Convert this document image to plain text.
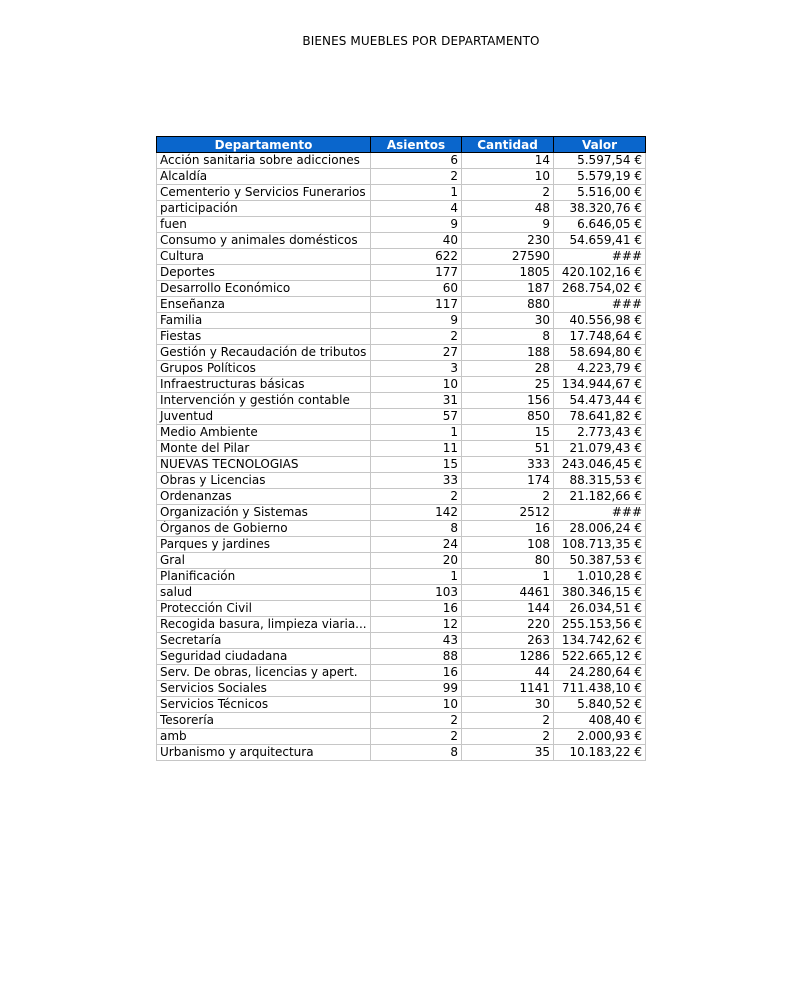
BIENES MUEBLES POR DEPARTAMENTO
Departamento	Asientos	Cantidad	Valor
Acción sanitaria sobre adicciones	6	14	5.597,54 €
Alcaldía	2	10	5.579,19 €
Cementerio y Servicios Funerarios	1	2	5.516,00 €
participación	4	48	38.320,76 €
fuen	9	9	6.646,05 €
Consumo y animales domésticos	40	230	54.659,41 €
Cultura	622	27590	###
Deportes	177	1805	420.102,16 €
Desarrollo Económico	60	187	268.754,02 €
Enseñanza	117	880	###
Familia	9	30	40.556,98 €
Fiestas	2	8	17.748,64 €
Gestión y Recaudación de tributos	27	188	58.694,80 €
Grupos Políticos	3	28	4.223,79 €
Infraestructuras básicas	10	25	134.944,67 €
Intervención y gestión contable	31	156	54.473,44 €
Juventud	57	850	78.641,82 €
Medio Ambiente	1	15	2.773,43 €
Monte del Pilar	11	51	21.079,43 €
NUEVAS TECNOLOGIAS	15	333	243.046,45 €
Obras y Licencias	33	174	88.315,53 €
Ordenanzas	2	2	21.182,66 €
Organización y Sistemas	142	2512	###
Órganos de Gobierno	8	16	28.006,24 €
Parques y jardines	24	108	108.713,35 €
Gral	20	80	50.387,53 €
Planificación	1	1	1.010,28 €
salud	103	4461	380.346,15 €
Protección Civil	16	144	26.034,51 €
Recogida basura, limpieza viaria...	12	220	255.153,56 €
Secretaría	43	263	134.742,62 €
Seguridad ciudadana	88	1286	522.665,12 €
Serv. De obras, licencias y apert.	16	44	24.280,64 €
Servicios Sociales	99	1141	711.438,10 €
Servicios Técnicos	10	30	5.840,52 €
Tesorería	2	2	408,40 €
amb	2	2	2.000,93 €
Urbanismo y arquitectura	8	35	10.183,22 €
